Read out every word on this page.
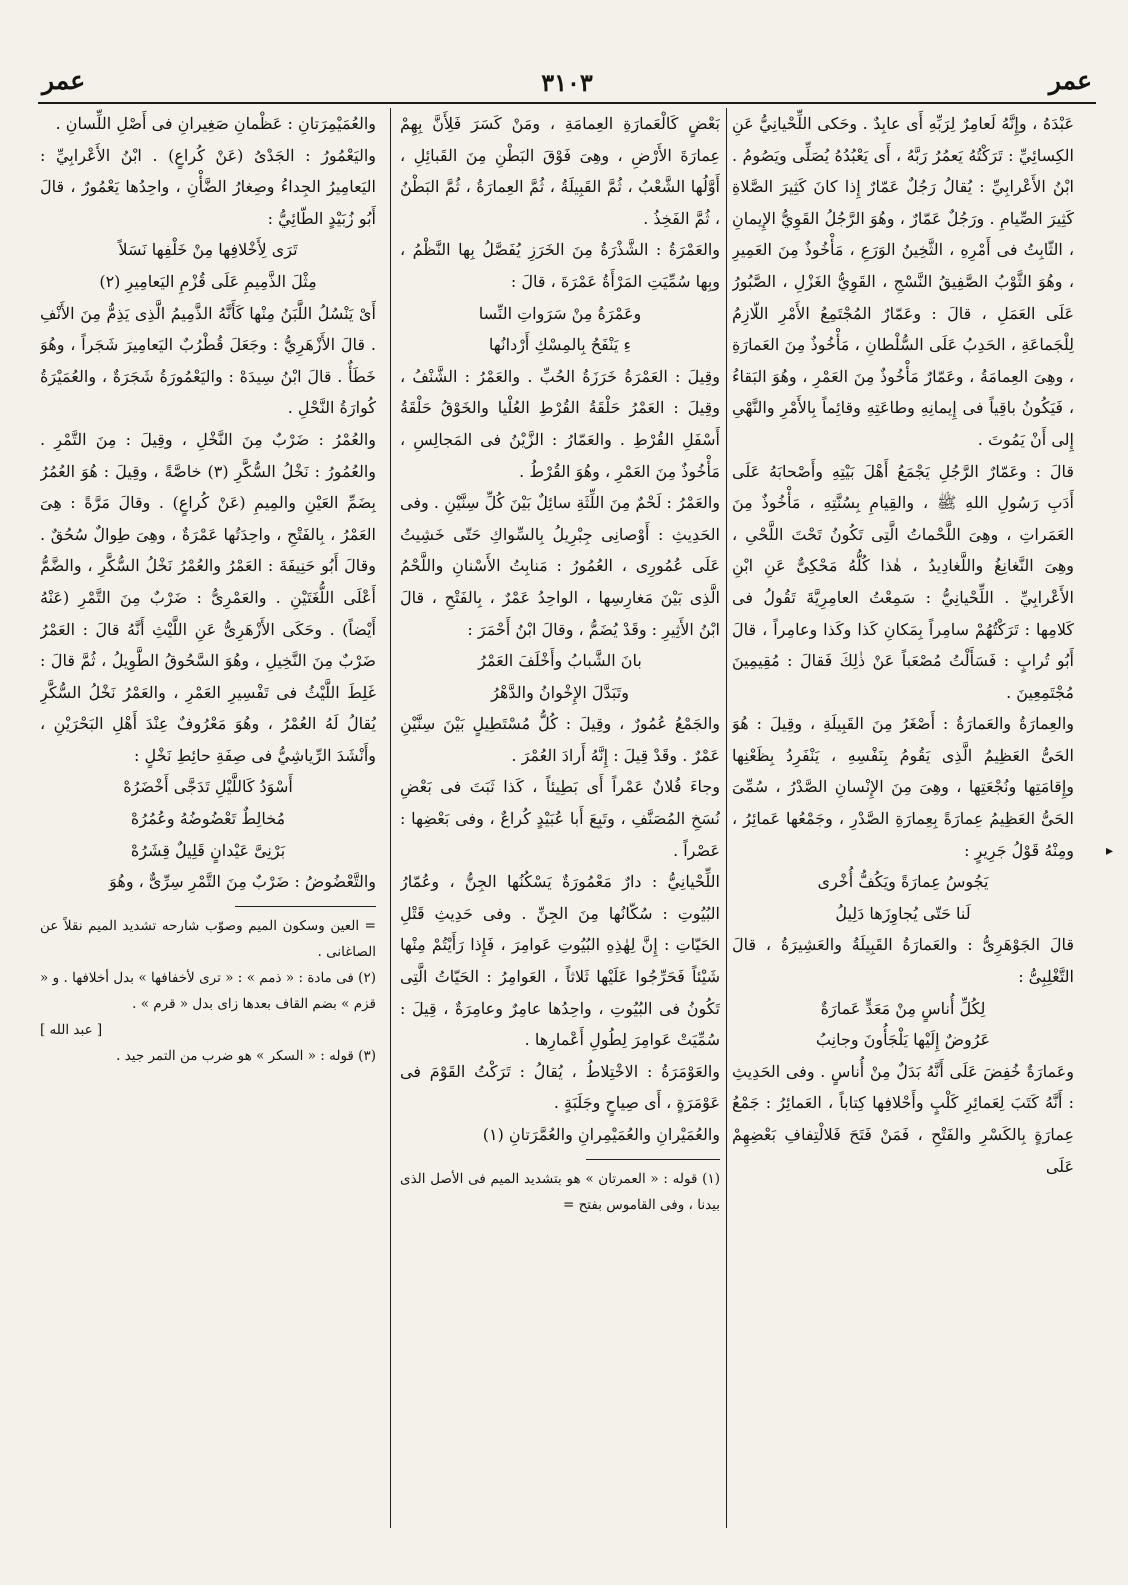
عمر
٣١٠٣
عمر

عَبْدَهُ ، وإِنَّهُ لَعامِرٌ لِرَبِّهِ أَى عابِدٌ . وحَكى اللِّحْيانِيُّ عَنِ الكِسائِيِّ : تَرَكْتُهُ يَعمُرُ رَبَّهُ ، أَى يَعْبُدُهُ يُصَلِّى ويَصُومُ . ابْنُ الأَعْرابِيِّ : يُقالُ رَجُلٌ عَمّارٌ إِذا كانَ كَثِيرَ الصَّلاةِ كَثِيرَ الصِّيامِ . ورَجُلٌ عَمّارٌ ، وهُوَ الرَّجُلُ القَوِيُّ الإِيمانِ ، الثّابِتُ فى أَمْرِهِ ، الثَّخِينُ الوَرَعِ ، مَأْخُوذٌ مِنَ العَمِيرِ ، وهُوَ الثَّوْبُ الصَّفِيقُ النَّسْجِ ، القَوِيُّ الغَزْلِ ، الصَّبُورُ عَلَى العَمَلِ ، قالَ : وعَمّارٌ المُجْتَمِعُ الأَمْرِ اللّازِمُ لِلْجَماعَةِ ، الحَدِبُ عَلَى السُّلْطانِ ، مَأْخُوذٌ مِنَ العَمارَةِ ، وهِىَ العِمامَةُ ، وعَمّارٌ مَأْخُوذٌ مِنَ العَمْرِ ، وهُوَ البَقاءُ ، فَيَكُونُ باقِياً فى إِيمانِهِ وطاعَتِهِ وقائِماً بِالأَمْرِ والنَّهْىِ إِلى أَنْ يَمُوتَ .

قالَ : وعَمّارٌ الرَّجُلِ يَجْمَعُ أَهْلَ بَيْتِهِ وأَصْحابَهُ عَلَى أَدَبِ رَسُولِ اللهِ ﷺ ، والقِيامِ بِسُنَّتِهِ ، مَأْخُوذٌ مِنَ العَمَراتِ ، وهِىَ اللَّحْماتُ الَّتِى تَكُونُ تَحْتَ اللَّحْىِ ، وهِىَ النَّغانِغُ واللَّغادِيدُ ، هٰذا كُلُّهُ مَحْكِىٌّ عَنِ ابْنِ الأَعْرابِيِّ . اللِّحْيانِيُّ : سَمِعْتُ العامِرِيَّةَ تَقُولُ فى كَلامِها : تَرَكْتُهُمْ سامِراً بِمَكانِ كَذا وكَذا وعامِراً ، قالَ أَبُو تُرابٍ : فَسَأَلْتُ مُصْعَباً عَنْ ذٰلِكَ فَقالَ : مُقِيمِينَ مُجْتَمِعِينَ .

والعِمارَةُ والعَمارَةُ : أَصْغَرُ مِنَ القَبِيلَةِ ، وقِيلَ : هُوَ الحَىُّ العَظِيمُ الَّذِى يَقُومُ بِنَفْسِهِ ، يَنْفَرِدُ بِظَعْنِها وإِقامَتِها ونُجْعَتِها ، وهِىَ مِنَ الإِنْسانِ الصَّدْرُ ، سُمِّىَ الحَىُّ العَظِيمُ عِمارَةً بِعِمارَةِ الصَّدْرِ ، وجَمْعُها عَمائِرُ ، ومِنْهُ قَوْلُ جَرِيرٍ :

يَجُوسُ عِمارَةً ويَكُفُّ أُخْرى

لَنا حَتّى يُجاوِزَها دَلِيلُ

قالَ الجَوْهَرِىُّ : والعَمارَةُ القَبِيلَةُ والعَشِيرَةُ ، قالَ التَّغْلِبِىُّ :

لِكُلِّ أُناسٍ مِنْ مَعَدٍّ عَمارَةٌ

عَرُوضٌ إِلَيْها يَلْجَأُونَ وجانِبُ

وعَمارَةٌ خُفِضَ عَلَى أَنَّهُ بَدَلٌ مِنْ أُناسٍ . وفى الحَدِيثِ : أَنَّهُ كَتَبَ لِعَمائِرِ كَلْبٍ وأَحْلافِها كِتاباً ، العَمائِرُ : جَمْعُ عِمارَةٍ بِالكَسْرِ والفَتْحِ ، فَمَنْ فَتَحَ فَلالْتِفافِ بَعْضِهِمْ عَلَى

بَعْضٍ كَالْعَمارَةِ العِمامَةِ ، ومَنْ كَسَرَ فَلِأَنَّ بِهِمْ عِمارَةَ الأَرْضِ ، وهِىَ فَوْقَ البَطْنِ مِنَ القَبائِلِ ، أَوَّلُها الشَّعْبُ ، ثُمَّ القَبِيلَةُ ، ثُمَّ العِمارَةُ ، ثُمَّ البَطْنُ ، ثُمَّ الفَخِذُ .

والعَمْرَةُ : الشَّذْرَةُ مِنَ الخَرَزِ يُفَصَّلُ بِها النَّظْمُ ، وبِها سُمِّيَتِ المَرْأَةُ عَمْرَةَ ، قالَ :

وعَمْرَةُ مِنْ سَرَواتِ النِّسا

ءِ يَنْفَحُ بِالمِسْكِ أَرْدانُها

وقِيلَ : العَمْرَةُ خَرَزَةُ الحُبِّ . والعَمْرُ : الشَّنْفُ ، وقِيلَ : العَمْرُ حَلْقَةُ القُرْطِ العُلْيا والخَوْقُ حَلْقَةُ أَسْفَلِ القُرْطِ . والعَمّارُ : الزَّيْنُ فى المَجالِسِ ، مَأْخُوذٌ مِنَ العَمْرِ ، وهُوَ القُرْطُ .

والعَمْرُ : لَحْمٌ مِنَ اللِّثَةِ سائِلٌ بَيْنَ كُلِّ سِنَّيْنِ . وفى الحَدِيثِ : أَوْصانِى جِبْرِيلُ بِالسِّواكِ حَتّى خَشِيتُ عَلَى عُمُورِى ، العُمُورُ : مَنابِتُ الأَسْنانِ واللَّحْمُ الَّذِى بَيْنَ مَغارِسِها ، الواحِدُ عَمْرٌ ، بِالفَتْحِ ، قالَ ابْنُ الأَثِيرِ : وقَدْ يُضَمُّ ، وقالَ ابْنُ أَحْمَرَ :

بانَ الشَّبابُ وأَخْلَفَ العَمْرُ

وتَبَدَّلَ الإِخْوانُ والدَّهْرُ

والجَمْعُ عُمُورٌ ، وقِيلَ : كُلُّ مُسْتَطِيلٍ بَيْنَ سِنَّيْنِ عَمْرٌ . وقَدْ قِيلَ : إِنَّهُ أَرادَ العُمْرَ .

وجاءَ فُلانٌ عَمْراً أَى بَطِيئاً ، كَذا ثَبَتَ فى بَعْضِ نُسَخِ المُصَنَّفِ ، وتَبِعَ أَبا عُبَيْدٍ كُراعٌ ، وفى بَعْضِها : عَصْراً .

اللِّحْيانِيُّ : دارٌ مَعْمُورَةٌ يَسْكُنُها الجِنُّ ، وعُمّارُ البُيُوتِ : سُكّانُها مِنَ الجِنِّ . وفى حَدِيثِ قَتْلِ الحَيّاتِ : إِنَّ لِهٰذِهِ البُيُوتِ عَوامِرَ ، فَإِذا رَأَيْتُمْ مِنْها شَيْئاً فَحَرِّجُوا عَلَيْها ثَلاثاً ، العَوامِرُ : الحَيّاتُ الَّتِى تَكُونُ فى البُيُوتِ ، واحِدُها عامِرٌ وعامِرَةٌ ، قِيلَ : سُمِّيَتْ عَوامِرَ لِطُولِ أَعْمارِها .

والعَوْمَرَةُ : الاخْتِلاطُ ، يُقالُ : تَرَكْتُ القَوْمَ فى عَوْمَرَةٍ ، أَى صِياحٍ وجَلَبَةٍ .

والعُمَيْرانِ والعُمَيْمِرانِ والعُمَّرَتانِ (١)

(١) قوله : « العمرتان » هو بتشديد الميم فى الأصل الذى بيدنا ، وفى القاموس بفتح =

والعُمَيْمِرَتانِ : عَظْمانِ صَغِيرانِ فى أَصْلِ اللِّسانِ .

واليَعْمُورُ : الجَدْىُ (عَنْ كُراعٍ) . ابْنُ الأَعْرابِيِّ : اليَعامِيرُ الجِداءُ وصِغارُ الضَّأْنِ ، واحِدُها يَعْمُورٌ ، قالَ أَبُو زُبَيْدٍ الطّائِيُّ :

تَرَى لِأَخْلافِها مِنْ خَلْفِها نَسَلاً

مِثْلَ الذَّمِيمِ عَلَى قُزْمِ اليَعامِيرِ (٢)

أَىْ يَنْسُلُ اللَّبَنُ مِنْها كَأَنَّهُ الذَّمِيمُ الَّذِى يَذِمُّ مِنَ الأَنْفِ . قالَ الأَزْهَرِيُّ : وجَعَلَ قُطْرُبٌ اليَعامِيرَ شَجَراً ، وهُوَ خَطَأٌ . قالَ ابْنُ سِيدَهْ : واليَعْمُورَةُ شَجَرَةٌ ، والعُمَيْرَةُ كُوارَةُ النَّحْلِ .

والعُمْرُ : ضَرْبٌ مِنَ النَّخْلِ ، وقِيلَ : مِنَ التَّمْرِ . والعُمُورُ : نَخْلُ السُّكَّرِ (٣) خاصَّةً ، وقِيلَ : هُوَ العُمُرُ بِضَمِّ العَيْنِ والمِيمِ (عَنْ كُراعٍ) . وقالَ مَرَّةً : هِىَ العَمْرُ ، بِالفَتْحِ ، واحِدَتُها عَمْرَةٌ ، وهِىَ طِوالٌ سُحُقٌ . وقالَ أَبُو حَنِيفَةَ : العَمْرُ والعُمْرُ نَخْلُ السُّكَّرِ ، والضَّمُّ أَعْلَى اللُّغَتَيْنِ . والعَمْرِىُّ : ضَرْبٌ مِنَ التَّمْرِ (عَنْهُ أَيْضاً) . وحَكَى الأَزْهَرِىُّ عَنِ اللَّيْثِ أَنَّهُ قالَ : العَمْرُ ضَرْبٌ مِنَ النَّخِيلِ ، وهُوَ السَّحُوقُ الطَّوِيلُ ، ثُمَّ قالَ : غَلِطَ اللَّيْثُ فى تَفْسِيرِ العَمْرِ ، والعَمْرُ نَخْلُ السُّكَّرِ يُقالُ لَهُ العُمْرُ ، وهُوَ مَعْرُوفٌ عِنْدَ أَهْلِ البَحْرَيْنِ ، وأَنْشَدَ الرِّياشِيُّ فى صِفَةِ حائِطِ نَخْلٍ :

أَسْوَدُ كَاللَّيْلِ تَدَجَّى أَخْضَرُهْ

مُخالِطٌ تَعْضُوضُهُ وعُمُرُهْ

بَرْنِىَّ عَيْدانٍ قَلِيلٌ قِشَرُهْ

والتَّعْضُوضُ : ضَرْبٌ مِنَ التَّمْرِ سِرِّىٌّ ، وهُوَ

= العين وسكون الميم وصوّب شارحه تشديد الميم نقلاً عن الصاغانى .

(٢) فى مادة : « ذمم » : « ترى لأخفافها » بدل أخلافها . و « قزم » بضم القاف بعدها زاى بدل « قرم » .

[ عبد الله ]

(٣) قوله : « السكر » هو ضرب من التمر جيد .

▸
